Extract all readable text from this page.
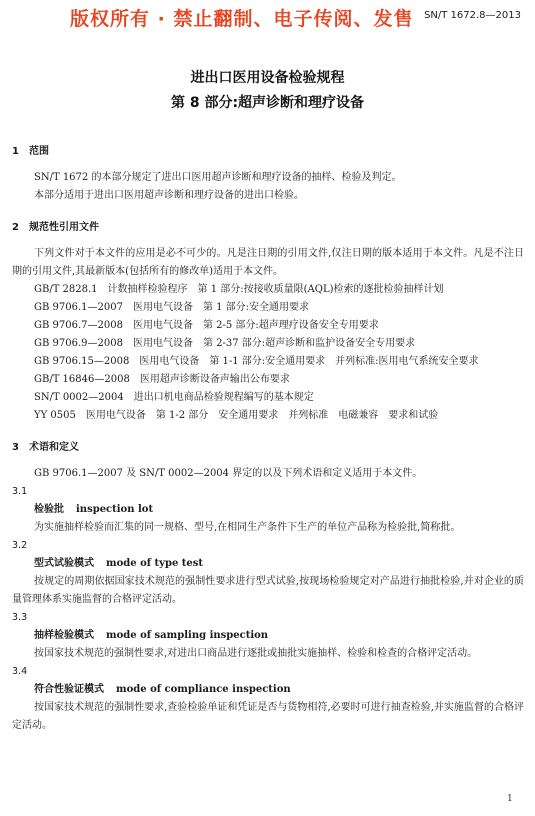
版权所有 · 禁止翻制、电子传阅、发售 SN/T 1672.8—2013
进出口医用设备检验规程
第 8 部分:超声诊断和理疗设备
1 范围

SN/T 1672 的本部分规定了进出口医用超声诊断和理疗设备的抽样、检验及判定。

本部分适用于进出口医用超声诊断和理疗设备的进出口检验。

2 规范性引用文件

下列文件对于本文件的应用是必不可少的。凡是注日期的引用文件,仅注日期的版本适用于本文件。凡是不注日期的引用文件,其最新版本(包括所有的修改单)适用于本文件。

GB/T 2828.1　计数抽样检验程序　第 1 部分:按接收质量限(AQL)检索的逐批检验抽样计划

GB 9706.1—2007　医用电气设备　第 1 部分:安全通用要求

GB 9706.7—2008　医用电气设备　第 2-5 部分:超声理疗设备安全专用要求

GB 9706.9—2008　医用电气设备　第 2-37 部分:超声诊断和监护设备安全专用要求

GB 9706.15—2008　医用电气设备　第 1-1 部分:安全通用要求　并列标准:医用电气系统安全要求

GB/T 16846—2008　医用超声诊断设备声输出公布要求

SN/T 0002—2004　进出口机电商品检验规程编写的基本规定

YY 0505　医用电气设备　第 1-2 部分　安全通用要求　并列标准　电磁兼容　要求和试验

3 术语和定义

GB 9706.1—2007 及 SN/T 0002—2004 界定的以及下列术语和定义适用于本文件。

3.1

检验批 inspection lot

为实施抽样检验而汇集的同一规格、型号,在相同生产条件下生产的单位产品称为检验批,简称批。

3.2

型式试验模式 mode of type test

按规定的周期依据国家技术规范的强制性要求进行型式试验,按现场检验规定对产品进行抽批检验,并对企业的质量管理体系实施监督的合格评定活动。

3.3

抽样检验模式 mode of sampling inspection

按国家技术规范的强制性要求,对进出口商品进行逐批或抽批实施抽样、检验和检查的合格评定活动。

3.4

符合性验证模式 mode of compliance inspection

按国家技术规范的强制性要求,查验检验单证和凭证是否与货物相符,必要时可进行抽查检验,并实施监督的合格评定活动。

1
